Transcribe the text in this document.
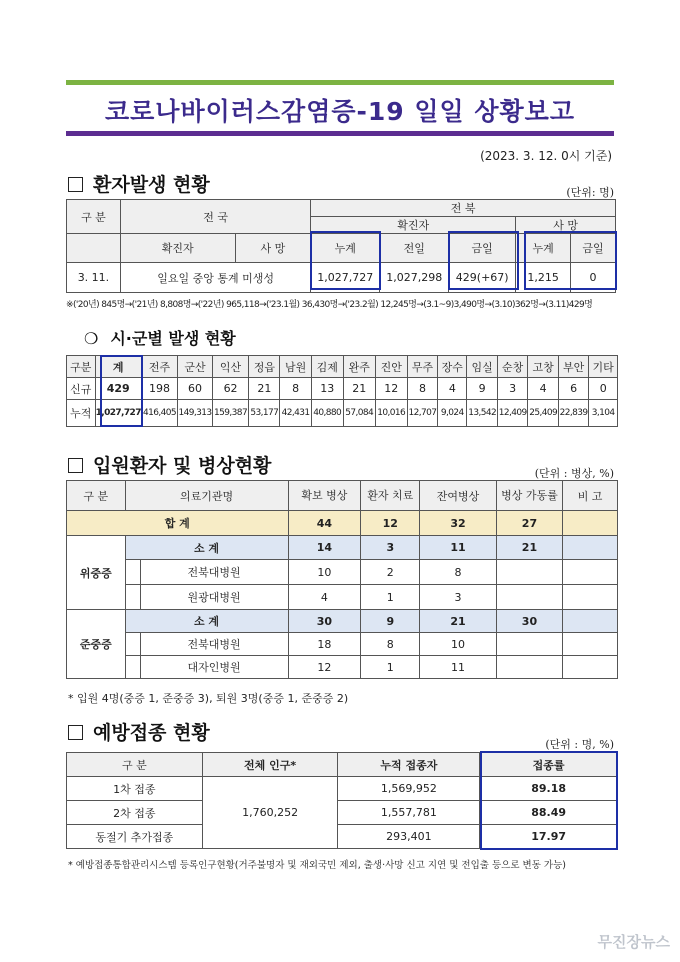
코로나바이러스감염증-19 일일 상황보고
(2023. 3. 12. 0시 기준)
환자발생 현황	(단위: 명)
구 분	전 국		전 북				
			확진자			사 망	
	확진자	사 망	누계	전일	금일	누계	금일
3. 11.	일요일 중앙 통계 미생성		1,027,727	1,027,298	429(+67)	1,215	0
※('20년) 845명→('21년) 8,808명→('22년) 965,118→('23.1월) 36,430명→('23.2월) 12,245명→(3.1~9)3,490명→(3.10)362명→(3.11)429명
❍ 시·군별 발생 현황
구분	계	전주	군산	익산	정읍	남원	김제	완주	진안	무주	장수	임실	순창	고창	부안	기타
신규	429	198	60	62	21	8	13	21	12	8	4	9	3	4	6	0
누적	1,027,727	416,405	149,313	159,387	53,177	42,431	40,880	57,084	10,016	12,707	9,024	13,542	12,409	25,409	22,839	3,104
입원환자 및 병상현황	(단위 : 병상, %)
구 분	의료기관명		확보 병상	환자 치료	잔여병상	병상 가동률	비 고
합 계			44	12	32	27	
위중증	소 계		14	3	11	21	
		전북대병원	10	2	8		
		원광대병원	4	1	3		
준중증	소 계		30	9	21	30	
		전북대병원	18	8	10		
		대자인병원	12	1	11		
* 입원 4명(중증 1, 준중증 3), 퇴원 3명(중증 1, 준중증 2)
예방접종 현황
(단위 : 명, %)
구 분	전체 인구*	누적 접종자	접종률
1차 접종	1,760,252	1,569,952	89.18
2차 접종		1,557,781	88.49
동절기 추가접종		293,401	17.97
* 예방접종통합관리시스템 등록인구현황(거주불명자 및 재외국민 제외, 출생·사망 신고 지연 및 전입출 등으로 변동 가능)
무진장뉴스
